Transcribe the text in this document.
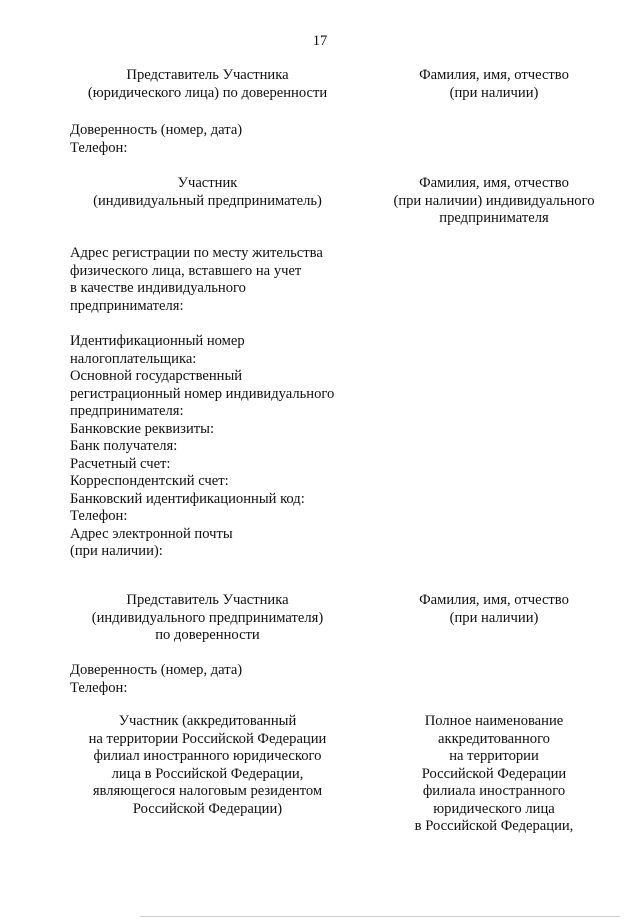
17
Представитель Участника
(юридического лица) по доверенности
Фамилия, имя, отчество
(при наличии)
Доверенность (номер, дата)
Телефон:
Участник
(индивидуальный предприниматель)
Фамилия, имя, отчество
(при наличии) индивидуального
предпринимателя
Адрес регистрации по месту жительства
физического лица, вставшего на учет
в качестве индивидуального
предпринимателя:
Идентификационный номер
налогоплательщика:
Основной государственный
регистрационный номер индивидуального
предпринимателя:
Банковские реквизиты:
Банк получателя:
Расчетный счет:
Корреспондентский счет:
Банковский идентификационный код:
Телефон:
Адрес электронной почты
(при наличии):
Представитель Участника
(индивидуального предпринимателя)
по доверенности
Фамилия, имя, отчество
(при наличии)
Доверенность (номер, дата)
Телефон:
Участник (аккредитованный
на территории Российской Федерации
филиал иностранного юридического
лица в Российской Федерации,
являющегося налоговым резидентом
Российской Федерации)
Полное наименование
аккредитованного
на территории
Российской Федерации
филиала иностранного
юридического лица
в Российской Федерации,
